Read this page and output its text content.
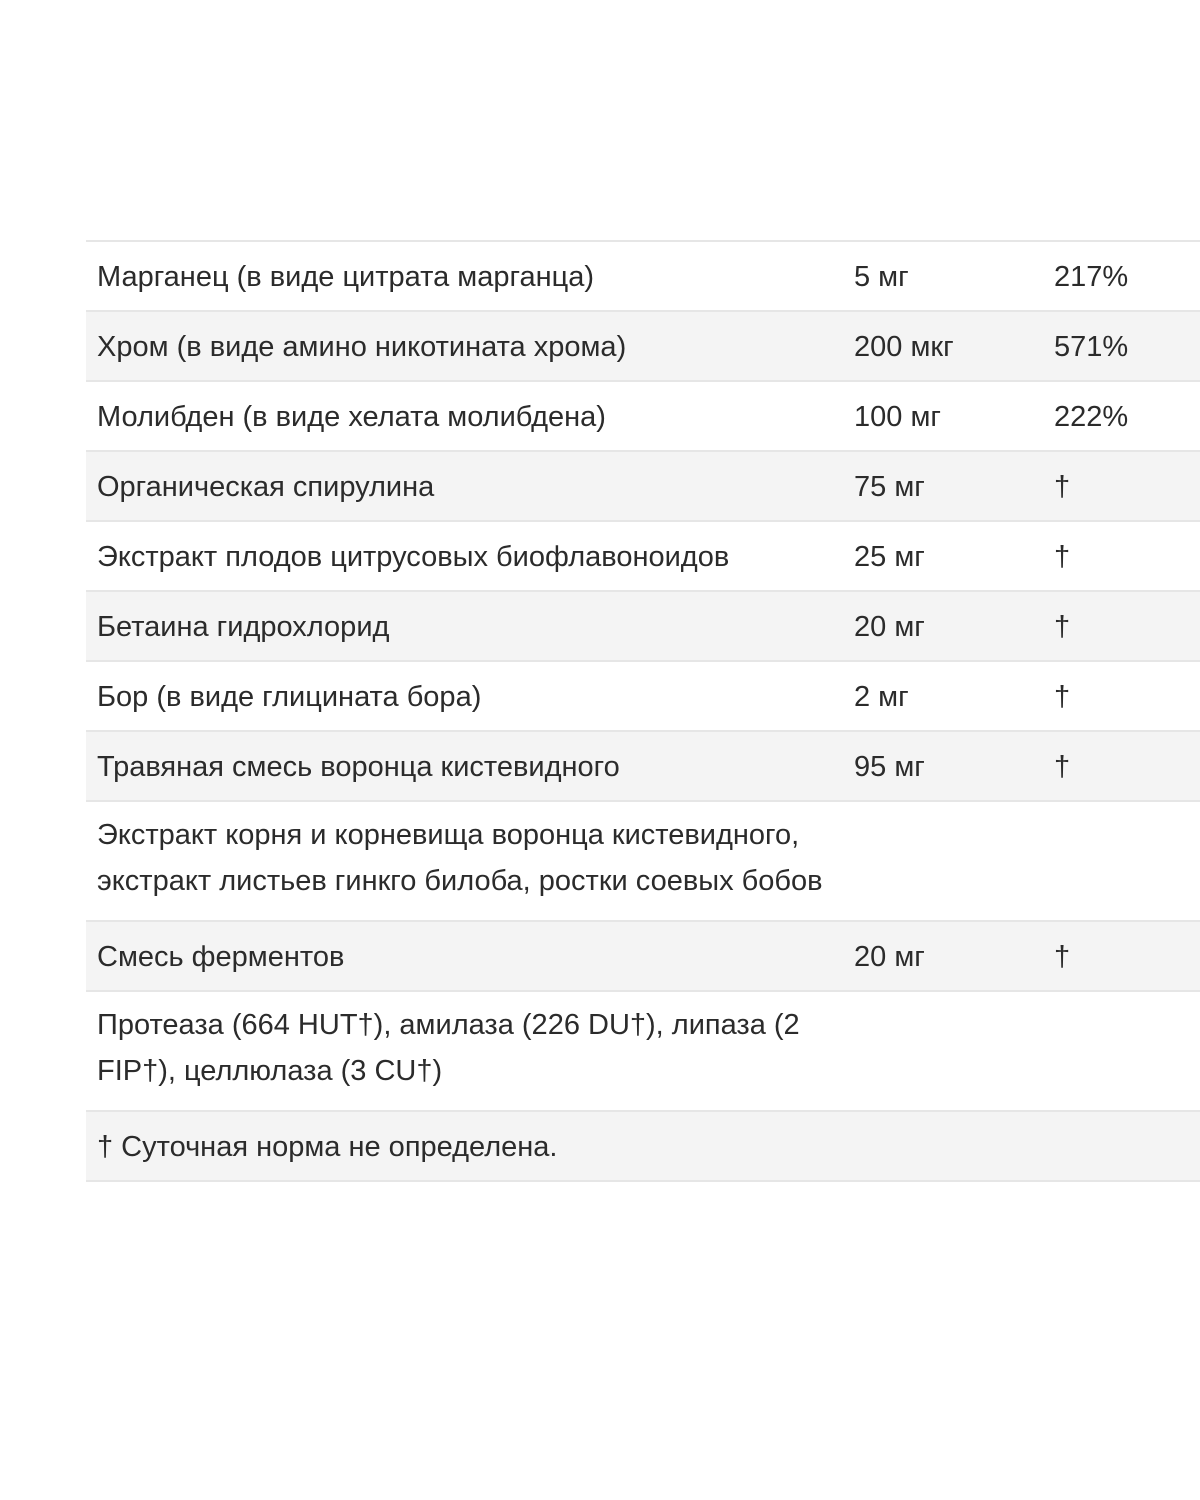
Марганец (в виде цитрата марганца)	5 мг	217%
Хром (в виде амино никотината хрома)	200 мкг	571%
Молибден (в виде хелата молибдена)	100 мг	222%
Органическая спирулина	75 мг	†
Экстракт плодов цитрусовых биофлавоноидов	25 мг	†
Бетаина гидрохлорид	20 мг	†
Бор (в виде глицината бора)	2 мг	†
Травяная смесь воронца кистевидного	95 мг	†
Экстракт корня и корневища воронца кистевидного, экстракт листьев гинкго билоба, ростки соевых бобов
Смесь ферментов	20 мг	†
Протеаза (664 HUT†), амилаза (226 DU†), липаза (2 FIP†), целлюлаза (3 CU†)
† Суточная норма не определена.
